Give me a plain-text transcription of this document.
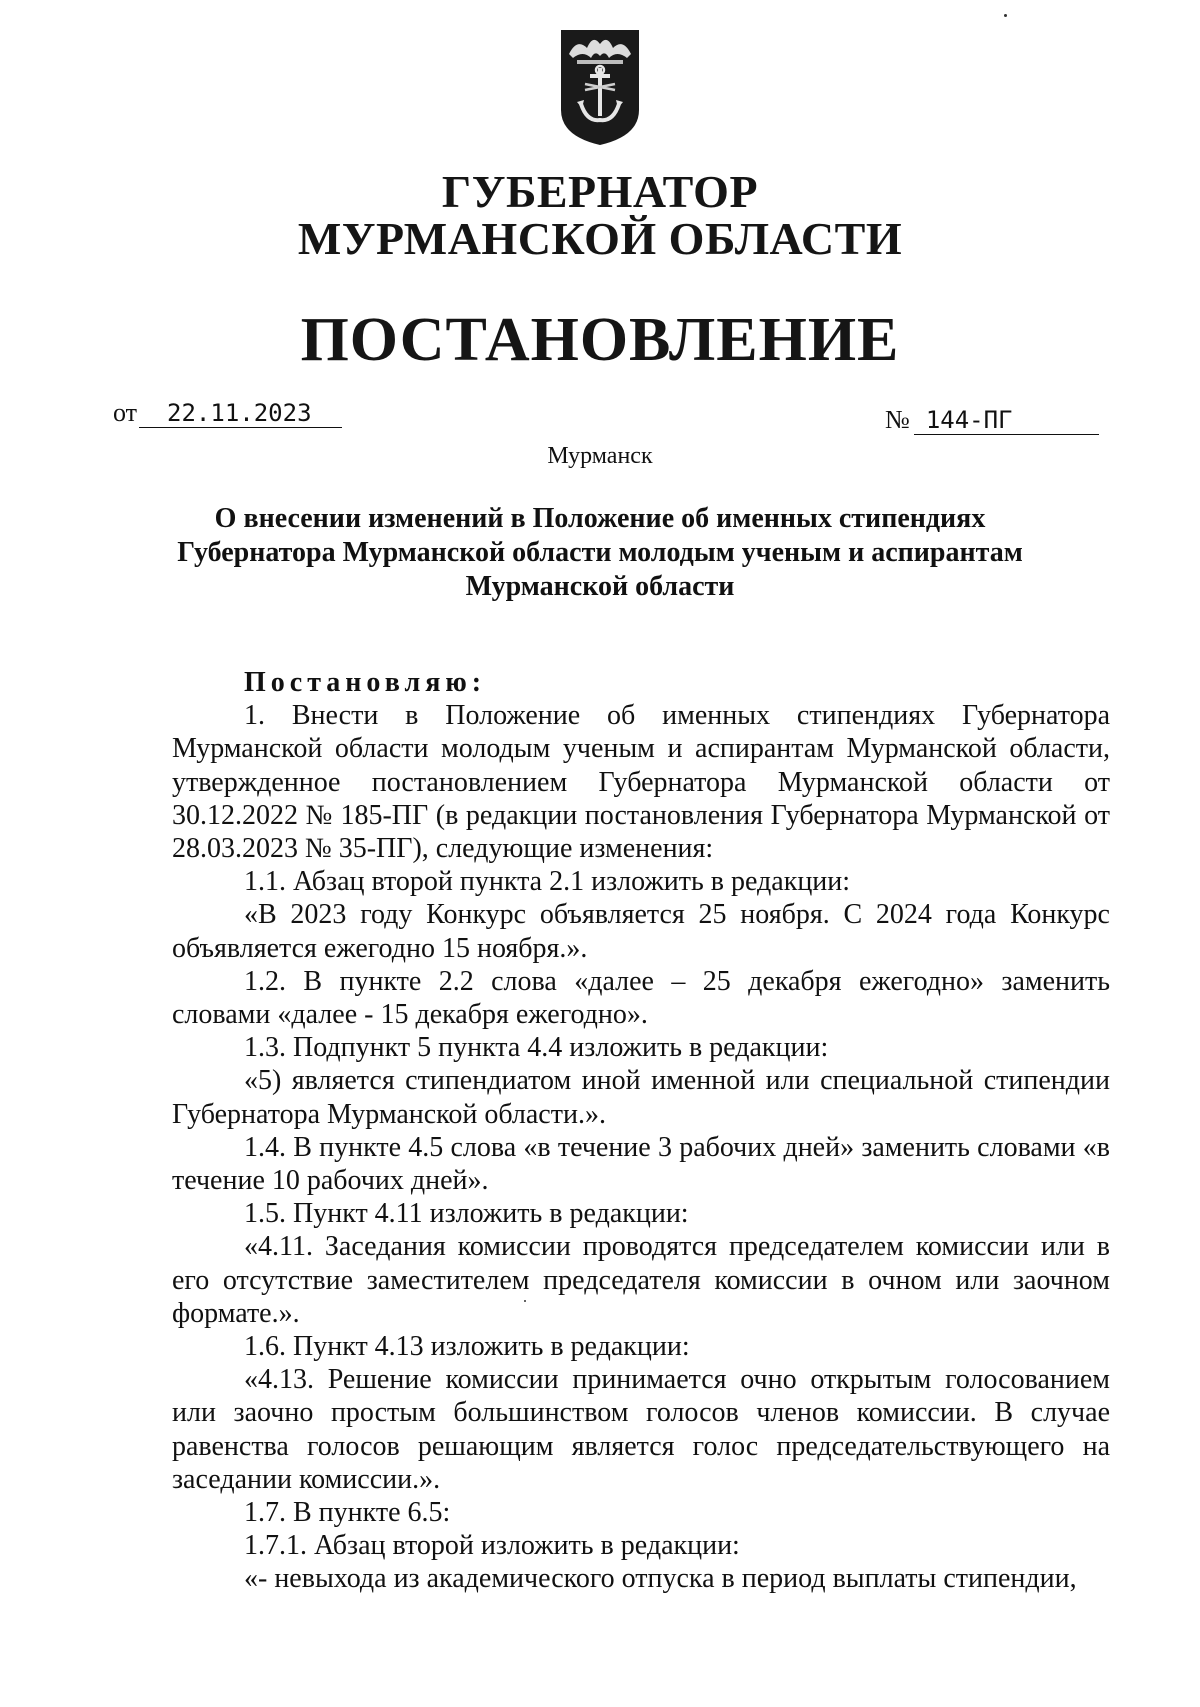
ГУБЕРНАТОР
МУРМАНСКОЙ ОБЛАСТИ
ПОСТАНОВЛЕНИЕ
от 22.11.2023	№ 144-ПГ
Мурманск
О внесении изменений в Положение об именных стипендиях Губернатора Мурманской области молодым ученым и аспирантам Мурманской области

Постановляю:

1. Внести в Положение об именных стипендиях Губернатора Мурманской области молодым ученым и аспирантам Мурманской области, утвержденное постановлением Губернатора Мурманской области от 30.12.2022 № 185-ПГ (в редакции постановления Губернатора Мурманской от 28.03.2023 № 35-ПГ), следующие изменения:

1.1. Абзац второй пункта 2.1 изложить в редакции:

«В 2023 году Конкурс объявляется 25 ноября. С 2024 года Конкурс объявляется ежегодно 15 ноября.».

1.2. В пункте 2.2 слова «далее – 25 декабря ежегодно» заменить словами «далее - 15 декабря ежегодно».

1.3. Подпункт 5 пункта 4.4 изложить в редакции:

«5) является стипендиатом иной именной или специальной стипендии Губернатора Мурманской области.».

1.4. В пункте 4.5 слова «в течение 3 рабочих дней» заменить словами «в течение 10 рабочих дней».

1.5. Пункт 4.11 изложить в редакции:

«4.11. Заседания комиссии проводятся председателем комиссии или в его отсутствие заместителем председателя комиссии в очном или заочном формате.».

1.6. Пункт 4.13 изложить в редакции:

«4.13. Решение комиссии принимается очно открытым голосованием или заочно простым большинством голосов членов комиссии. В случае равенства голосов решающим является голос председательствующего на заседании комиссии.».

1.7. В пункте 6.5:

1.7.1. Абзац второй изложить в редакции:

«- невыхода из академического отпуска в период выплаты стипендии,
